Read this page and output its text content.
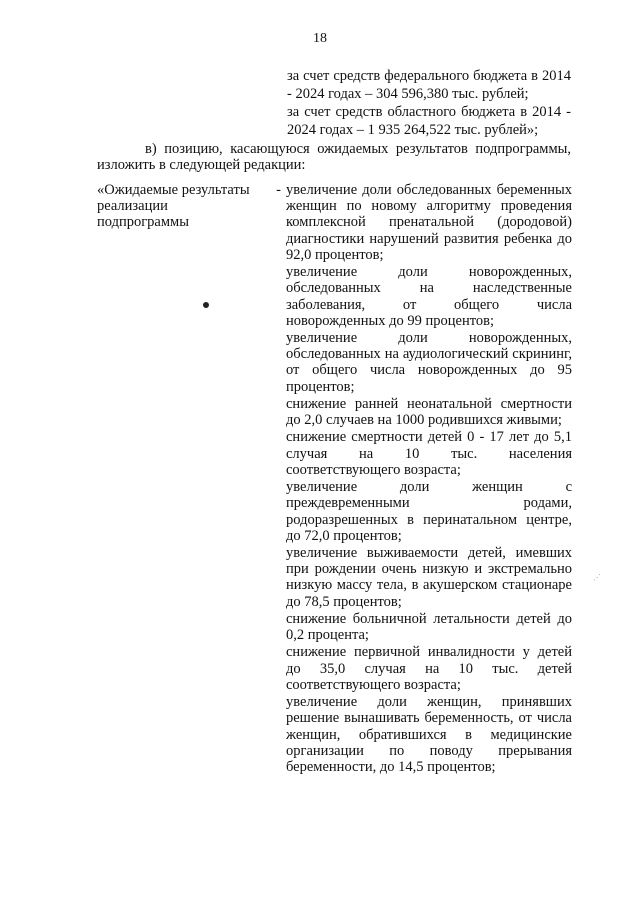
18

за счет средств федерального бюджета в 2014 - 2024 годах – 304 596,380 тыс. рублей;

за счет средств областного бюджета в 2014 - 2024 годах – 1 935 264,522 тыс. рублей»;

в) позицию, касающуюся ожидаемых результатов подпрограммы, изложить в следующей редакции:
«Ожидаемые результаты -
реализации
подпрограммы

увеличение доли обследованных беременных женщин по новому алгоритму проведения комплексной пренатальной (дородовой) диагностики нарушений развития ребенка до 92,0 процентов;

увеличение доли новорожденных, обследованных на наследственные заболевания, от общего числа новорожденных до 99 процентов;

увеличение доли новорожденных, обследованных на аудиологический скрининг, от общего числа новорожденных до 95 процентов;

снижение ранней неонатальной смертности до 2,0 случаев на 1000 родившихся живыми;

снижение смертности детей 0 - 17 лет до 5,1 случая на 10 тыс. населения соответствующего возраста;

увеличение доли женщин с преждевременными родами, родоразрешенных в перинатальном центре, до 72,0 процентов;

увеличение выживаемости детей, имевших при рождении очень низкую и экстремально низкую массу тела, в акушерском стационаре до 78,5 процентов;

снижение больничной летальности детей до 0,2 процента;

снижение первичной инвалидности у детей до 35,0 случая на 10 тыс. детей соответствующего возраста;

увеличение доли женщин, принявших решение вынашивать беременность, от числа женщин, обратившихся в медицинские организации по поводу прерывания беременности, до 14,5 процентов;

⋰
